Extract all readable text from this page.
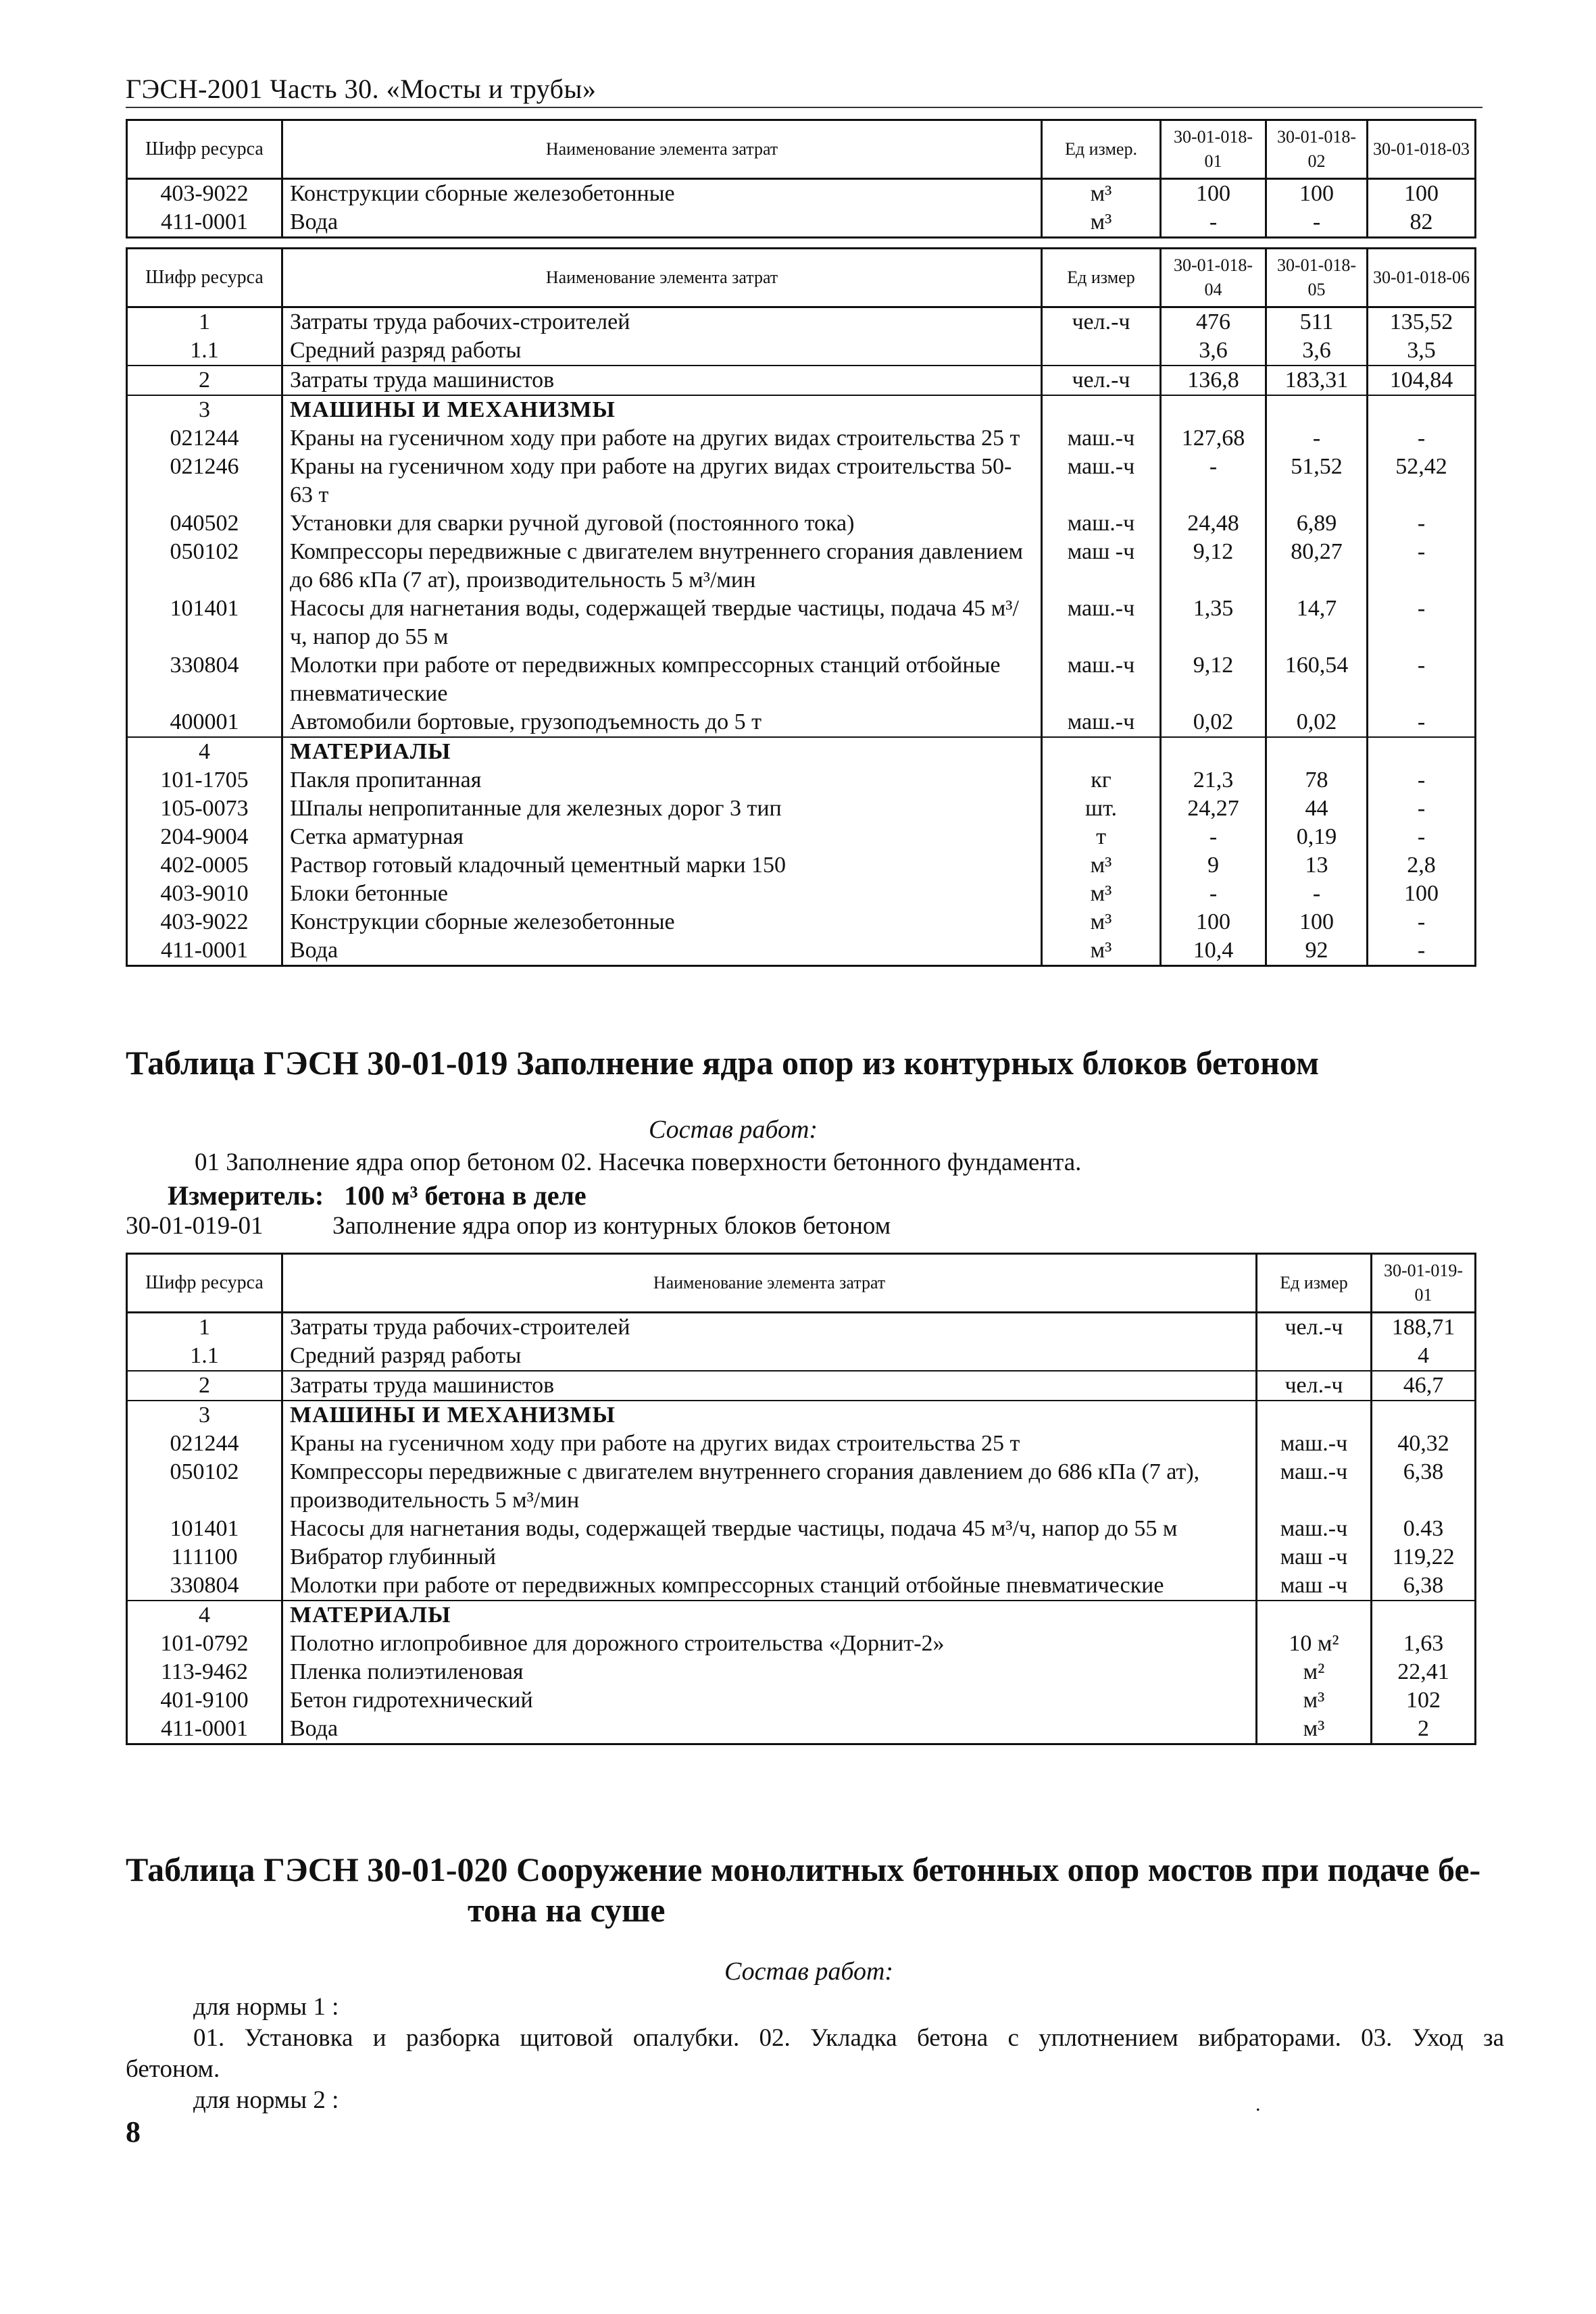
ГЭСН-2001 Часть 30. «Мосты и трубы»
Шифр ресурса	Наименование элемента затрат	Ед измер.	30-01-018-01	30-01-018-02	30-01-018-03
403-9022	Конструкции сборные железобетонные	м³	100	100	100
411-0001	Вода	м³	-	-	82
Шифр ресурса	Наименование элемента затрат	Ед измер	30-01-018-04	30-01-018-05	30-01-018-06
1	Затраты труда рабочих-строителей	чел.-ч	476	511	135,52
1.1	Средний разряд работы		3,6	3,6	3,5
2	Затраты труда машинистов	чел.-ч	136,8	183,31	104,84
3	МАШИНЫ И МЕХАНИЗМЫ				
021244	Краны на гусеничном ходу при работе на других видах строительства 25 т	маш.-ч	127,68	-	-
021246	Краны на гусеничном ходу при работе на других видах строительства 50-63 т	маш.-ч	-	51,52	52,42
040502	Установки для сварки ручной дуговой (постоянного тока)	маш.-ч	24,48	6,89	-
050102	Компрессоры передвижные с двигателем внутреннего сгорания давлением до 686 кПа (7 ат), производительность 5 м³/мин	маш -ч	9,12	80,27	-
101401	Насосы для нагнетания воды, содержащей твердые частицы, подача 45 м³/ч, напор до 55 м	маш.-ч	1,35	14,7	-
330804	Молотки при работе от передвижных компрессорных станций отбойные пневматические	маш.-ч	9,12	160,54	-
400001	Автомобили бортовые, грузоподъемность до 5 т	маш.-ч	0,02	0,02	-
4	МАТЕРИАЛЫ				
101-1705	Пакля пропитанная	кг	21,3	78	-
105-0073	Шпалы непропитанные для железных дорог 3 тип	шт.	24,27	44	-
204-9004	Сетка арматурная	т	-	0,19	-
402-0005	Раствор готовый кладочный цементный марки 150	м³	9	13	2,8
403-9010	Блоки бетонные	м³	-	-	100
403-9022	Конструкции сборные железобетонные	м³	100	100	-
411-0001	Вода	м³	10,4	92	-
Таблица ГЭСН 30-01-019 Заполнение ядра опор из контурных блоков бетоном
Состав работ:
01 Заполнение ядра опор бетоном 02. Насечка поверхности бетонного фундамента.
Измеритель: 100 м³ бетона в деле
30-01-019-01	Заполнение ядра опор из контурных блоков бетоном
Шифр ресурса	Наименование элемента затрат	Ед измер	30-01-019-01
1	Затраты труда рабочих-строителей	чел.-ч	188,71
1.1	Средний разряд работы		4
2	Затраты труда машинистов	чел.-ч	46,7
3	МАШИНЫ И МЕХАНИЗМЫ		
021244	Краны на гусеничном ходу при работе на других видах строительства 25 т	маш.-ч	40,32
050102	Компрессоры передвижные с двигателем внутреннего сгорания давлением до 686 кПа (7 ат), производительность 5 м³/мин	маш.-ч	6,38
101401	Насосы для нагнетания воды, содержащей твердые частицы, подача 45 м³/ч, напор до 55 м	маш.-ч	0.43
111100	Вибратор глубинный	маш -ч	119,22
330804	Молотки при работе от передвижных компрессорных станций отбойные пневматические	маш -ч	6,38
4	МАТЕРИАЛЫ		
101-0792	Полотно иглопробивное для дорожного строительства «Дорнит-2»	10 м²	1,63
113-9462	Пленка полиэтиленовая	м²	22,41
401-9100	Бетон гидротехнический	м³	102
411-0001	Вода	м³	2
Таблица ГЭСН 30-01-020 Сооружение монолитных бетонных опор мостов при подаче бе-
тона на суше
Состав работ:
для нормы 1 :
01. Установка и разборка щитовой опалубки. 02. Укладка бетона с уплотнением вибраторами. 03. Уход за
бетоном.
для нормы 2 :	.
8
